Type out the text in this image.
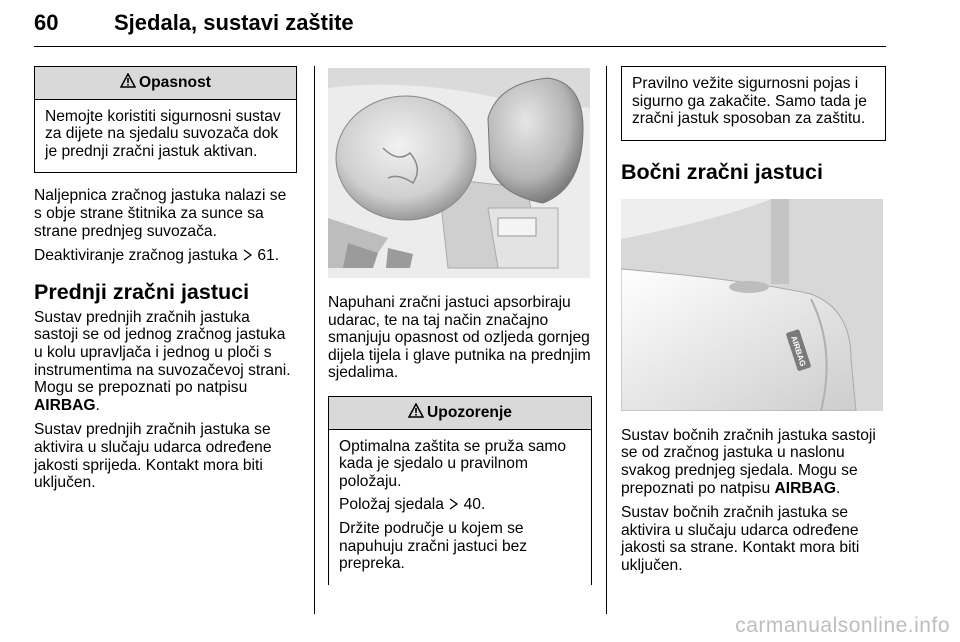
60	Sjedala, sustavi zaštite
Opasnost

Nemojte koristiti sigurnosni sustav za dijete na sjedalu suvozača dok je prednji zračni jastuk aktivan.

Naljepnica zračnog jastuka nalazi se s obje strane štitnika za sunce sa strane prednjeg suvozača.

Deaktiviranje zračnog jastuka 61.

Prednji zračni jastuci

Sustav prednjih zračnih jastuka sastoji se od jednog zračnog jastuka u kolu upravljača i jednog u ploči s instrumentima na suvozačevoj strani. Mogu se prepoznati po natpisu
AIRBAG.

Sustav prednjih zračnih jastuka se aktivira u slučaju udarca određene jakosti sprijeda. Kontakt mora biti uključen.

Napuhani zračni jastuci apsorbiraju udarac, te na taj način značajno smanjuju opasnost od ozljeda gornjeg dijela tijela i glave putnika na prednjim sjedalima.

Upozorenje

Optimalna zaštita se pruža samo kada je sjedalo u pravilnom položaju.

Položaj sjedala 40.

Držite područje u kojem se napuhuju zračni jastuci bez prepreka.

Pravilno vežite sigurnosni pojas i sigurno ga zakačite. Samo tada je zračni jastuk sposoban za zaštitu.

Bočni zračni jastuci
AIRBAG

Sustav bočnih zračnih jastuka sastoji se od zračnog jastuka u naslonu svakog prednjeg sjedala. Mogu se prepoznati po natpisu AIRBAG.

Sustav bočnih zračnih jastuka se aktivira u slučaju udarca određene jakosti sa strane. Kontakt mora biti uključen.

carmanualsonline.info
